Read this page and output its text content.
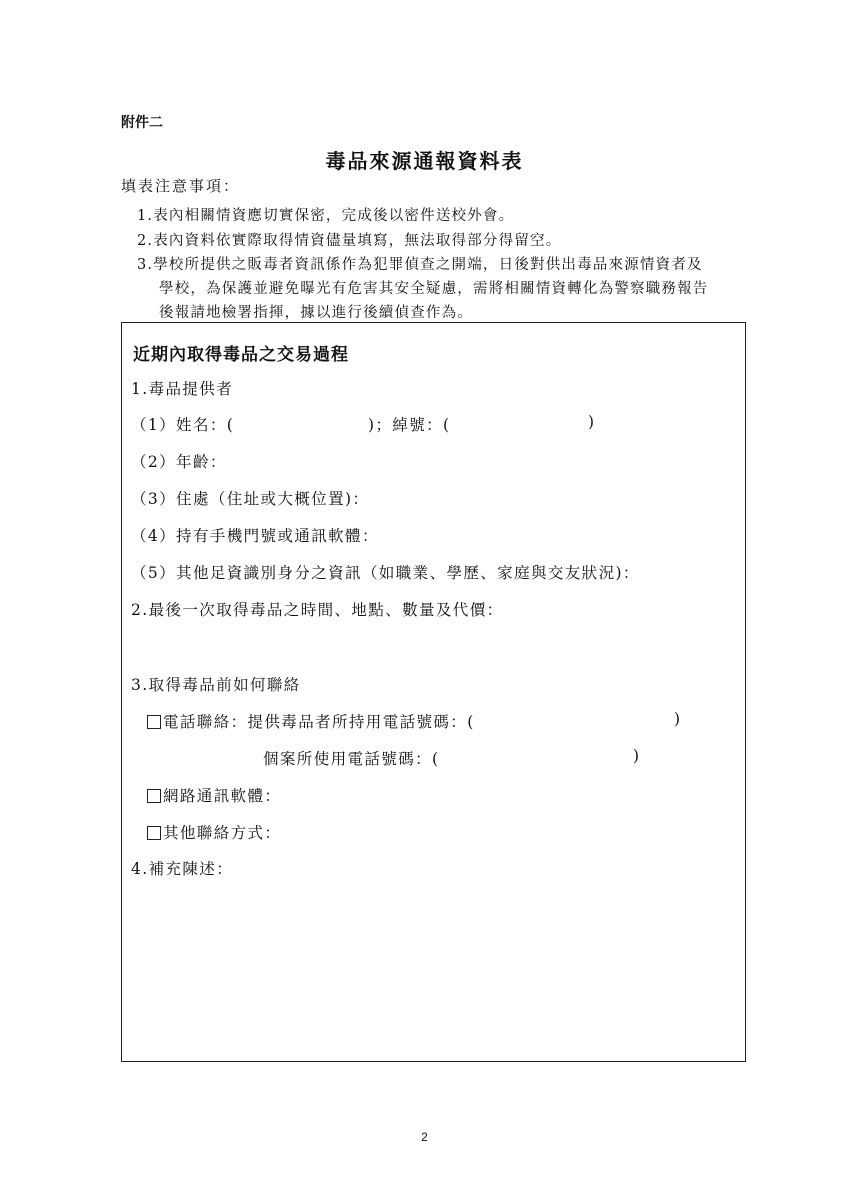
附件二
毒品來源通報資料表
填表注意事項：
1.表內相關情資應切實保密，完成後以密件送校外會。
2.表內資料依實際取得情資儘量填寫，無法取得部分得留空。
3.學校所提供之販毒者資訊係作為犯罪偵查之開端，日後對供出毒品來源情資者及
學校，為保護並避免曝光有危害其安全疑慮，需將相關情資轉化為警察職務報告
後報請地檢署指揮，據以進行後續偵查作為。
近期內取得毒品之交易過程
1.毒品提供者
（1）姓名：(	)；綽號：(	)
（2）年齡：
（3）住處（住址或大概位置)：
（4）持有手機門號或通訊軟體：
（5）其他足資識別身分之資訊（如職業、學歷、家庭與交友狀況)：
2.最後一次取得毒品之時間、地點、數量及代價：
3.取得毒品前如何聯絡
電話聯絡：提供毒品者所持用電話號碼：(	)
個案所使用電話號碼：(	)
網路通訊軟體：
其他聯絡方式：
4.補充陳述：
2
